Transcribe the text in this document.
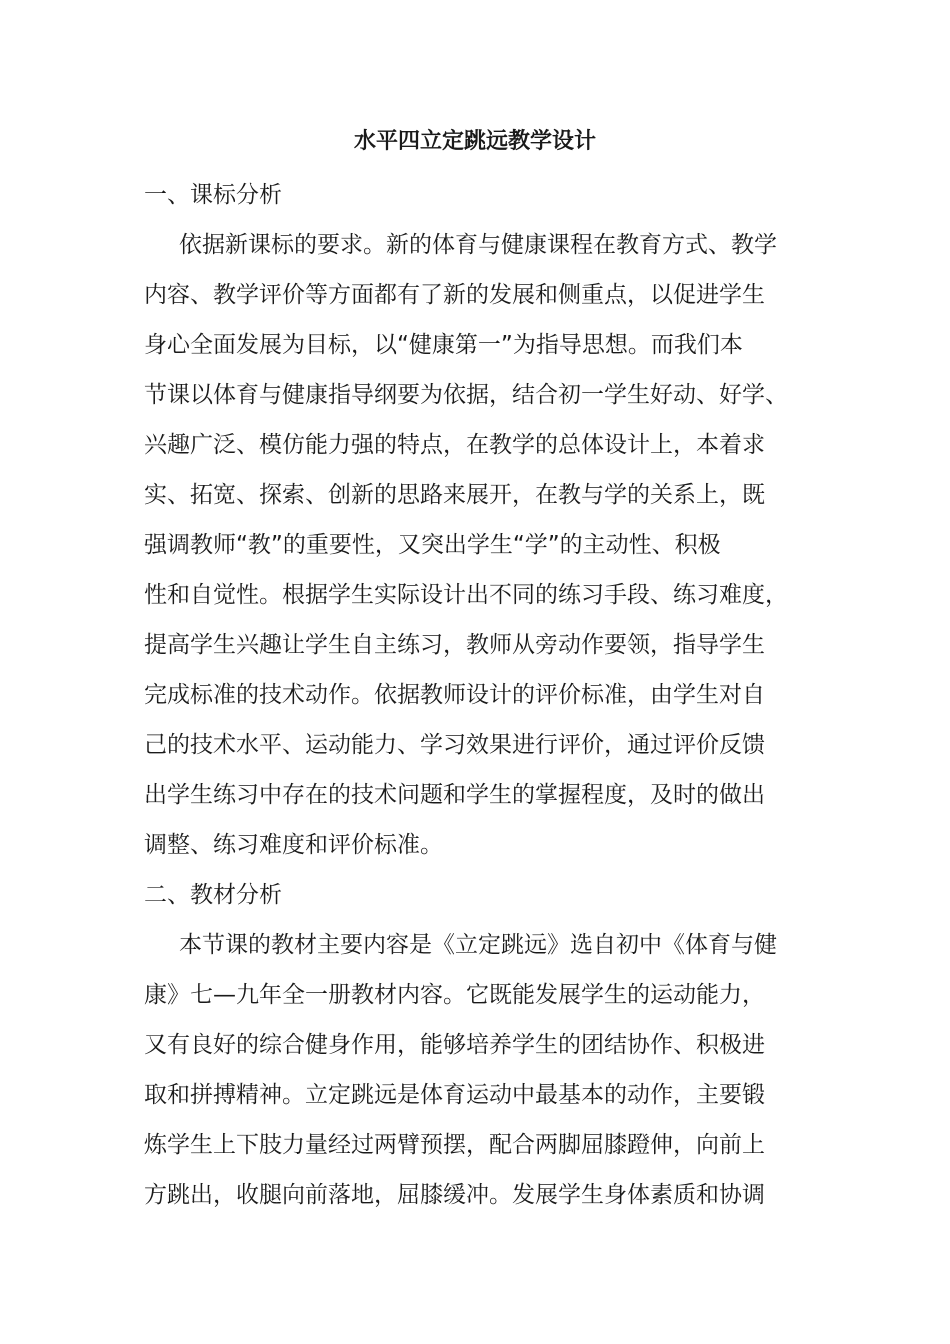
水平四立定跳远教学设计
一、课标分析
依据新课标的要求。新的体育与健康课程在教育方式、教学
内容、教学评价等方面都有了新的发展和侧重点，以促进学生
身心全面发展为目标，以“健康第一”为指导思想。而我们本
节课以体育与健康指导纲要为依据，结合初一学生好动、好学、
兴趣广泛、模仿能力强的特点，在教学的总体设计上，本着求
实、拓宽、探索、创新的思路来展开，在教与学的关系上，既
强调教师“教”的重要性，又突出学生“学”的主动性、积极
性和自觉性。根据学生实际设计出不同的练习手段、练习难度，
提高学生兴趣让学生自主练习，教师从旁动作要领，指导学生
完成标准的技术动作。依据教师设计的评价标准，由学生对自
己的技术水平、运动能力、学习效果进行评价，通过评价反馈
出学生练习中存在的技术问题和学生的掌握程度，及时的做出
调整、练习难度和评价标准。
二、教材分析
本节课的教材主要内容是《立定跳远》选自初中《体育与健
康》七—九年全一册教材内容。它既能发展学生的运动能力，
又有良好的综合健身作用，能够培养学生的团结协作、积极进
取和拼搏精神。立定跳远是体育运动中最基本的动作，主要锻
炼学生上下肢力量经过两臂预摆，配合两脚屈膝蹬伸，向前上
方跳出，收腿向前落地，屈膝缓冲。发展学生身体素质和协调
